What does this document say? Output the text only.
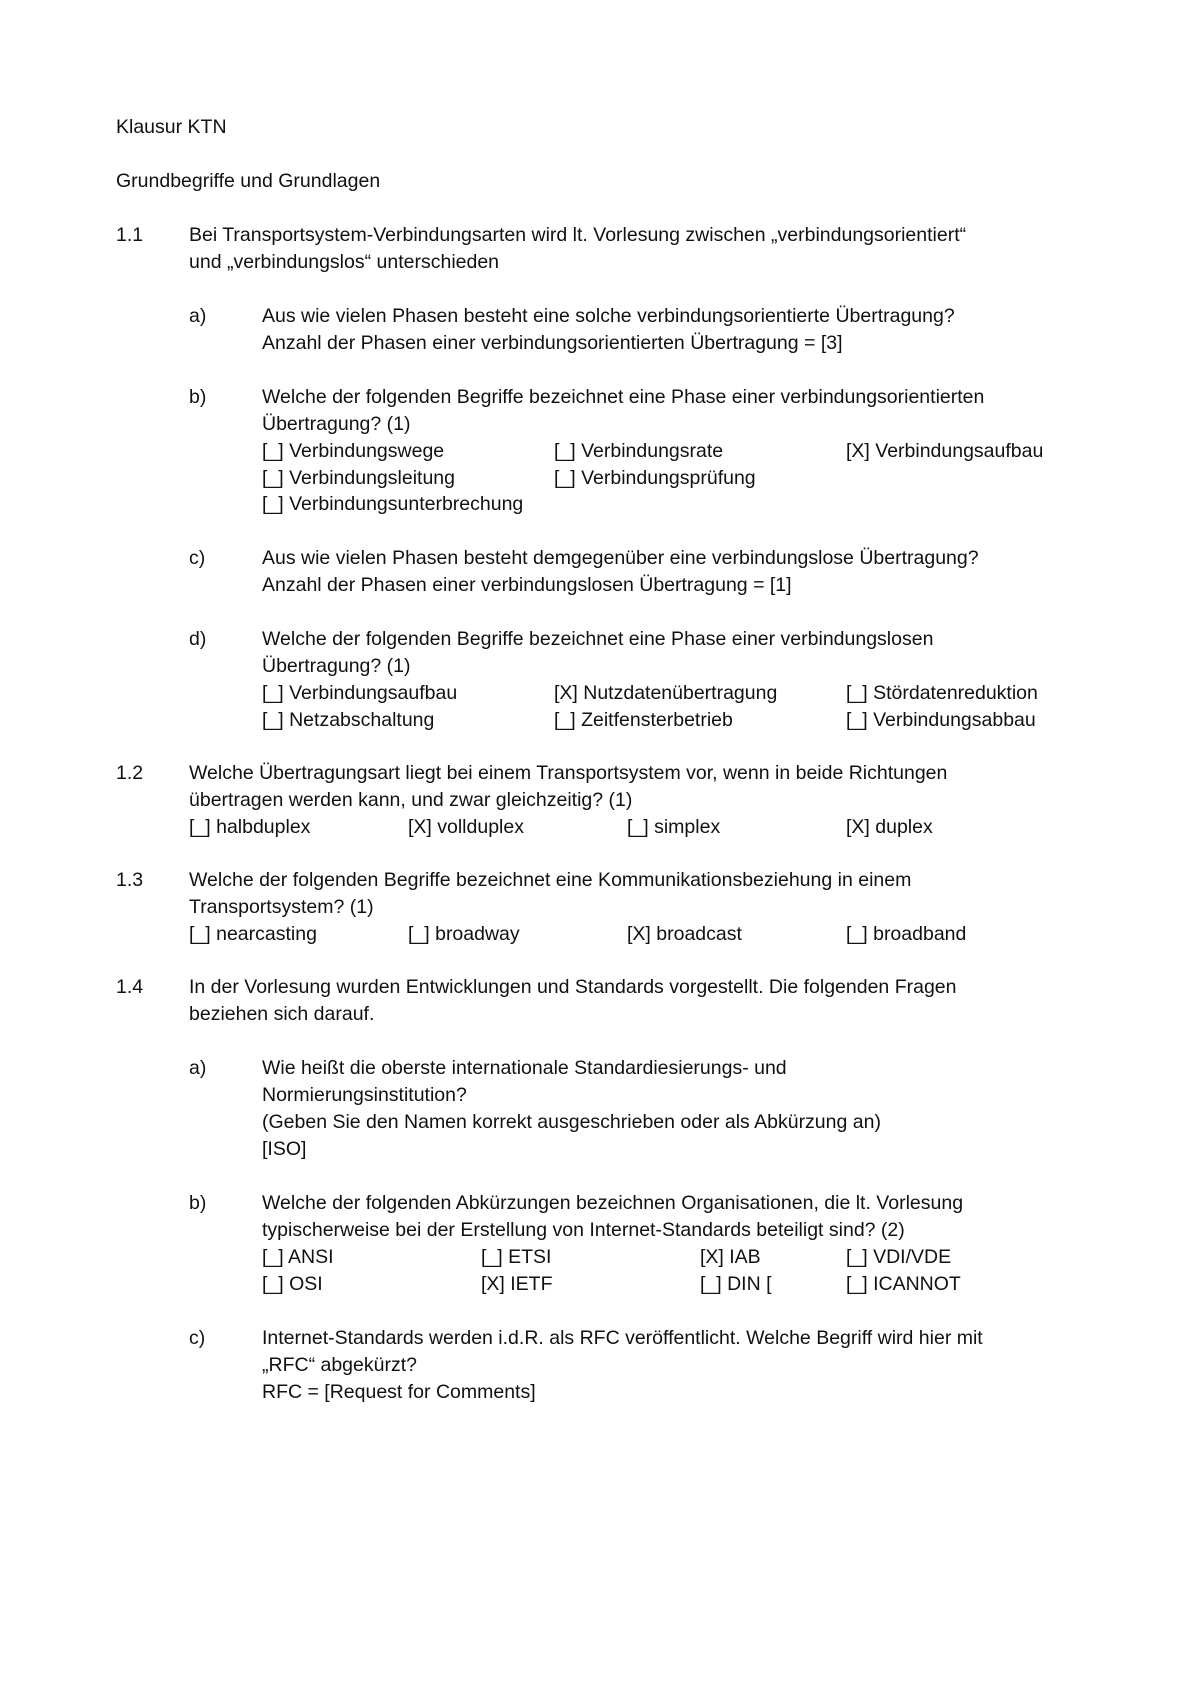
Klausur KTN
Grundbegriffe und Grundlagen
1.1 Bei Transportsystem-Verbindungsarten wird lt. Vorlesung zwischen „verbindungsorientiert“
und „verbindungslos“ unterschieden
a)	Aus wie vielen Phasen besteht eine solche verbindungsorientierte Übertragung?
Anzahl der Phasen einer verbindungsorientierten Übertragung = [3]
b)	Welche der folgenden Begriffe bezeichnet eine Phase einer verbindungsorientierten
Übertragung? (1)
[_] Verbindungswege	[_] Verbindungsrate	[X] Verbindungsaufbau
[_] Verbindungsleitung	[_] Verbindungsprüfung
[_] Verbindungsunterbrechung
c)	Aus wie vielen Phasen besteht demgegenüber eine verbindungslose Übertragung?
Anzahl der Phasen einer verbindungslosen Übertragung = [1]
d)	Welche der folgenden Begriffe bezeichnet eine Phase einer verbindungslosen
Übertragung? (1)
[_] Verbindungsaufbau	[X] Nutzdatenübertragung	[_] Stördatenreduktion
[_] Netzabschaltung	[_] Zeitfensterbetrieb	[_] Verbindungsabbau
1.2 Welche Übertragungsart liegt bei einem Transportsystem vor, wenn in beide Richtungen
übertragen werden kann, und zwar gleichzeitig? (1)
[_] halbduplex	[X] vollduplex	[_] simplex	[X] duplex
1.3 Welche der folgenden Begriffe bezeichnet eine Kommunikationsbeziehung in einem
Transportsystem? (1)
[_] nearcasting	[_] broadway	[X] broadcast	[_] broadband
1.4 In der Vorlesung wurden Entwicklungen und Standards vorgestellt. Die folgenden Fragen
beziehen sich darauf.
a)	Wie heißt die oberste internationale Standardiesierungs- und
Normierungsinstitution?
(Geben Sie den Namen korrekt ausgeschrieben oder als Abkürzung an)
[ISO]
b)	Welche der folgenden Abkürzungen bezeichnen Organisationen, die lt. Vorlesung
typischerweise bei der Erstellung von Internet-Standards beteiligt sind? (2)
[_] ANSI	[_] ETSI	[X] IAB	[_] VDI/VDE
[_] OSI	[X] IETF	[_] DIN [	[_] ICANNOT
c)	Internet-Standards werden i.d.R. als RFC veröffentlicht. Welche Begriff wird hier mit
„RFC“ abgekürzt?
RFC = [Request for Comments]
